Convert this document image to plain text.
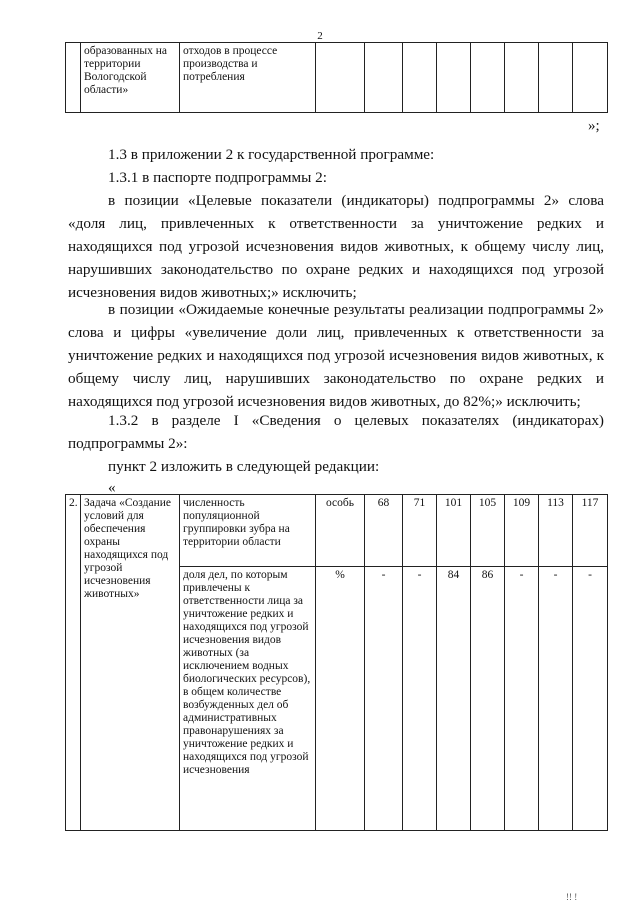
2
	образованных на территории Вологодской области»	отходов в процессе производства и потребления								
»;
1.3 в приложении 2 к государственной программе:
1.3.1 в паспорте подпрограммы 2:
в позиции «Целевые показатели (индикаторы) подпрограммы 2» слова «доля лиц, привлеченных к ответственности за уничтожение редких и находящихся под угрозой исчезновения видов животных, к общему числу лиц, нарушивших законодательство по охране редких и находящихся под угрозой исчезновения видов животных;» исключить;
в позиции «Ожидаемые конечные результаты реализации подпрограммы 2» слова и цифры «увеличение доли лиц, привлеченных к ответственности за уничтожение редких и находящихся под угрозой исчезновения видов животных, к общему числу лиц, нарушивших законодательство по охране редких и находящихся под угрозой исчезновения видов животных, до 82%;» исключить;
1.3.2 в разделе I «Сведения о целевых показателях (индикаторах) подпрограммы 2»:
пункт 2 изложить в следующей редакции:
«
2.	Задача «Создание условий для обеспечения охраны находящихся под угрозой исчезновения животных»	численность популяционной группировки зубра на территории области	особь	68	71	101	105	109	113	117
		доля дел, по которым привлечены к ответственности лица за уничтожение редких и находящихся под угрозой исчезновения видов животных (за исключением водных биологических ресурсов), в общем количестве возбужденных дел об административных правонарушениях за уничтожение редких и находящихся под угрозой исчезновения	%	-	-	84	86	-	-	-
!! !
